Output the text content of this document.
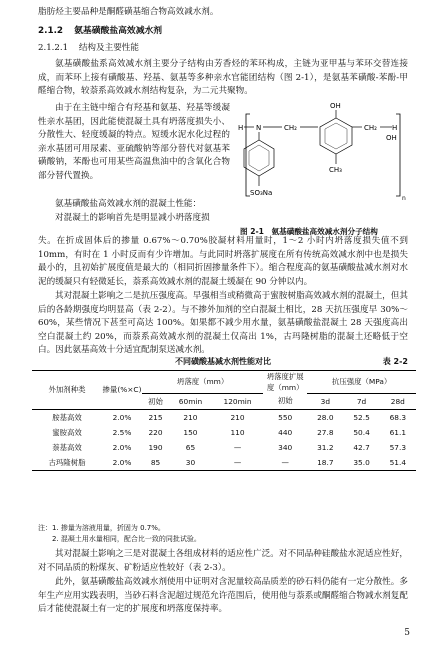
脂肪烃主要品种是酮醛磺基缩合物高效减水剂。

2.1.2 氨基磺酸盐高效减水剂
2.1.2.1 结构及主要性能

氨基磺酸盐系高效减水剂主要分子结构由芳香烃的苯环构成，主链为亚甲基与苯环交替连接成，而苯环上接有磺酸基、羟基、氨基等多种亲水官能团结构（图 2-1），是氨基苯磺酸-苯酚-甲醛缩合物，较萘系高效减水剂结构复杂，为二元共聚物。

由于在主链中缩合有羟基和氨基、羟基等缓凝性亲水基团，因此能使混凝土具有坍落度损失小、分散性大、轻度缓凝的特点。短缓水泥水化过程的亲水基团可用尿素、亚硫酸钠等部分替代对氨基苯磺酸钠，苯酚也可用某些高温焦油中的含氧化合物部分替代置换。

氨基磺酸盐高效减水剂的混凝土性能：

对混凝土的影响首先是明显减小坍落度损

H N	CH₂
OH
CH₂ H
CH₃
SO₃Na
OH
n

图 2-1　氨基磺酸盐高效减水剂分子结构

失。在折成固体后的掺量 0.67%～0.70%胶凝材料用量时，1～2 小时内坍落度损失值不到 10mm，有时在 1 小时反而有少许增加。与此同时坍落扩展度在所有传统高效减水剂中也是损失最小的，且初始扩展度值是最大的（相同折固掺量条件下）。缩合程度高的氨基磺酸盐减水剂对水泥的缓凝只有轻微延长，萘系高效减水剂的混凝土缓凝在 90 分钟以内。

其对混凝土影响之二是抗压强度高。早强相当或稍微高于蜜胺树脂高效减水剂的混凝土，但其后的各龄期强度均明显高（表 2-2）。与不掺外加剂的空白混凝土相比，28 天抗压强度早 30%～60%，某些情况下甚至可高达 100%。如果都不减少用水量，氨基磺酸盐混凝土 28 天强度高出空白混凝土约 20%，而萘系高效减水剂的混凝土仅高出 1%，古玛隆树脂的混凝土还略低于空白。因此氨基高效十分适宜配制泵送减水剂。

不同磺酸基减水剂性能对比	表 2-2

外加剂种类	掺量(%×C)	坍落度（mm）			坍落度扩展度（mm）	抗压强度（MPa）		
		初始	60min	120min	初始	3d	7d	28d
胺基高效	2.0%	215	210	210	550	28.0	52.5	68.3
蜜胺高效	2.5%	220	150	110	440	27.8	50.4	61.1
萘基高效	2.0%	190	65	—	340	31.2	42.7	57.3
古玛隆树脂	2.0%	85	30	—	—	18.7	35.0	51.4

注：1. 掺量为溶液用量，折固为 0.7%。

2. 混凝土用水量相同，配合比一致的同批试验。

其对混凝土影响之三是对混凝土各组成材料的适应性广泛。对不同品种硅酸盐水泥适应性好，对不同品质的粉煤灰、矿粉适应性较好（表 2-3）。

此外，氨基磺酸盐高效减水剂使用中证明对含泥量较高品质差的砂石料仍能有一定分散性。多年生产应用实践表明，当砂石料含泥超过规范允许范围后，使用他与萘系或酮醛缩合物减水剂复配后才能使混凝土有一定的扩展度和坍落度保持率。

5
